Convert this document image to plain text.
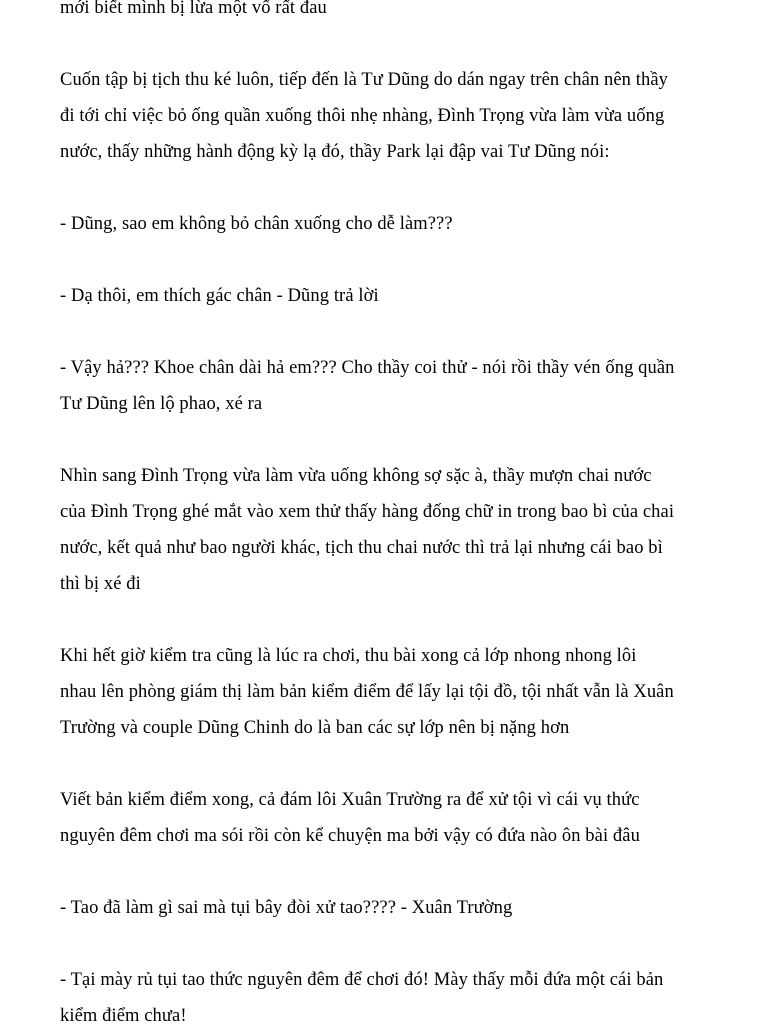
mới biết mình bị lừa một vố rất đau

Cuốn tập bị tịch thu ké luôn, tiếp đến là Tư Dũng do dán ngay trên chân nên thầy
đi tới chỉ việc bỏ ống quần xuống thôi nhẹ nhàng, Đình Trọng vừa làm vừa uống
nước, thấy những hành động kỳ lạ đó, thầy Park lại đập vai Tư Dũng nói:

- Dũng, sao em không bỏ chân xuống cho dễ làm???

- Dạ thôi, em thích gác chân - Dũng trả lời

- Vậy hả??? Khoe chân dài hả em??? Cho thầy coi thử - nói rồi thầy vén ống quần
Tư Dũng lên lộ phao, xé ra

Nhìn sang Đình Trọng vừa làm vừa uống không sợ sặc à, thầy mượn chai nước
của Đình Trọng ghé mắt vào xem thử thấy hàng đống chữ in trong bao bì của chai
nước, kết quả như bao người khác, tịch thu chai nước thì trả lại nhưng cái bao bì
thì bị xé đi

Khi hết giờ kiểm tra cũng là lúc ra chơi, thu bài xong cả lớp nhong nhong lôi
nhau lên phòng giám thị làm bản kiểm điểm để lấy lại tội đồ, tội nhất vẫn là Xuân
Trường và couple Dũng Chinh do là ban các sự lớp nên bị nặng hơn

Viết bản kiểm điểm xong, cả đám lôi Xuân Trường ra để xử tội vì cái vụ thức
nguyên đêm chơi ma sói rồi còn kể chuyện ma bởi vậy có đứa nào ôn bài đâu

- Tao đã làm gì sai mà tụi bây đòi xử tao???? - Xuân Trường

- Tại mày rủ tụi tao thức nguyên đêm để chơi đó! Mày thấy mỗi đứa một cái bản
kiểm điểm chưa!
